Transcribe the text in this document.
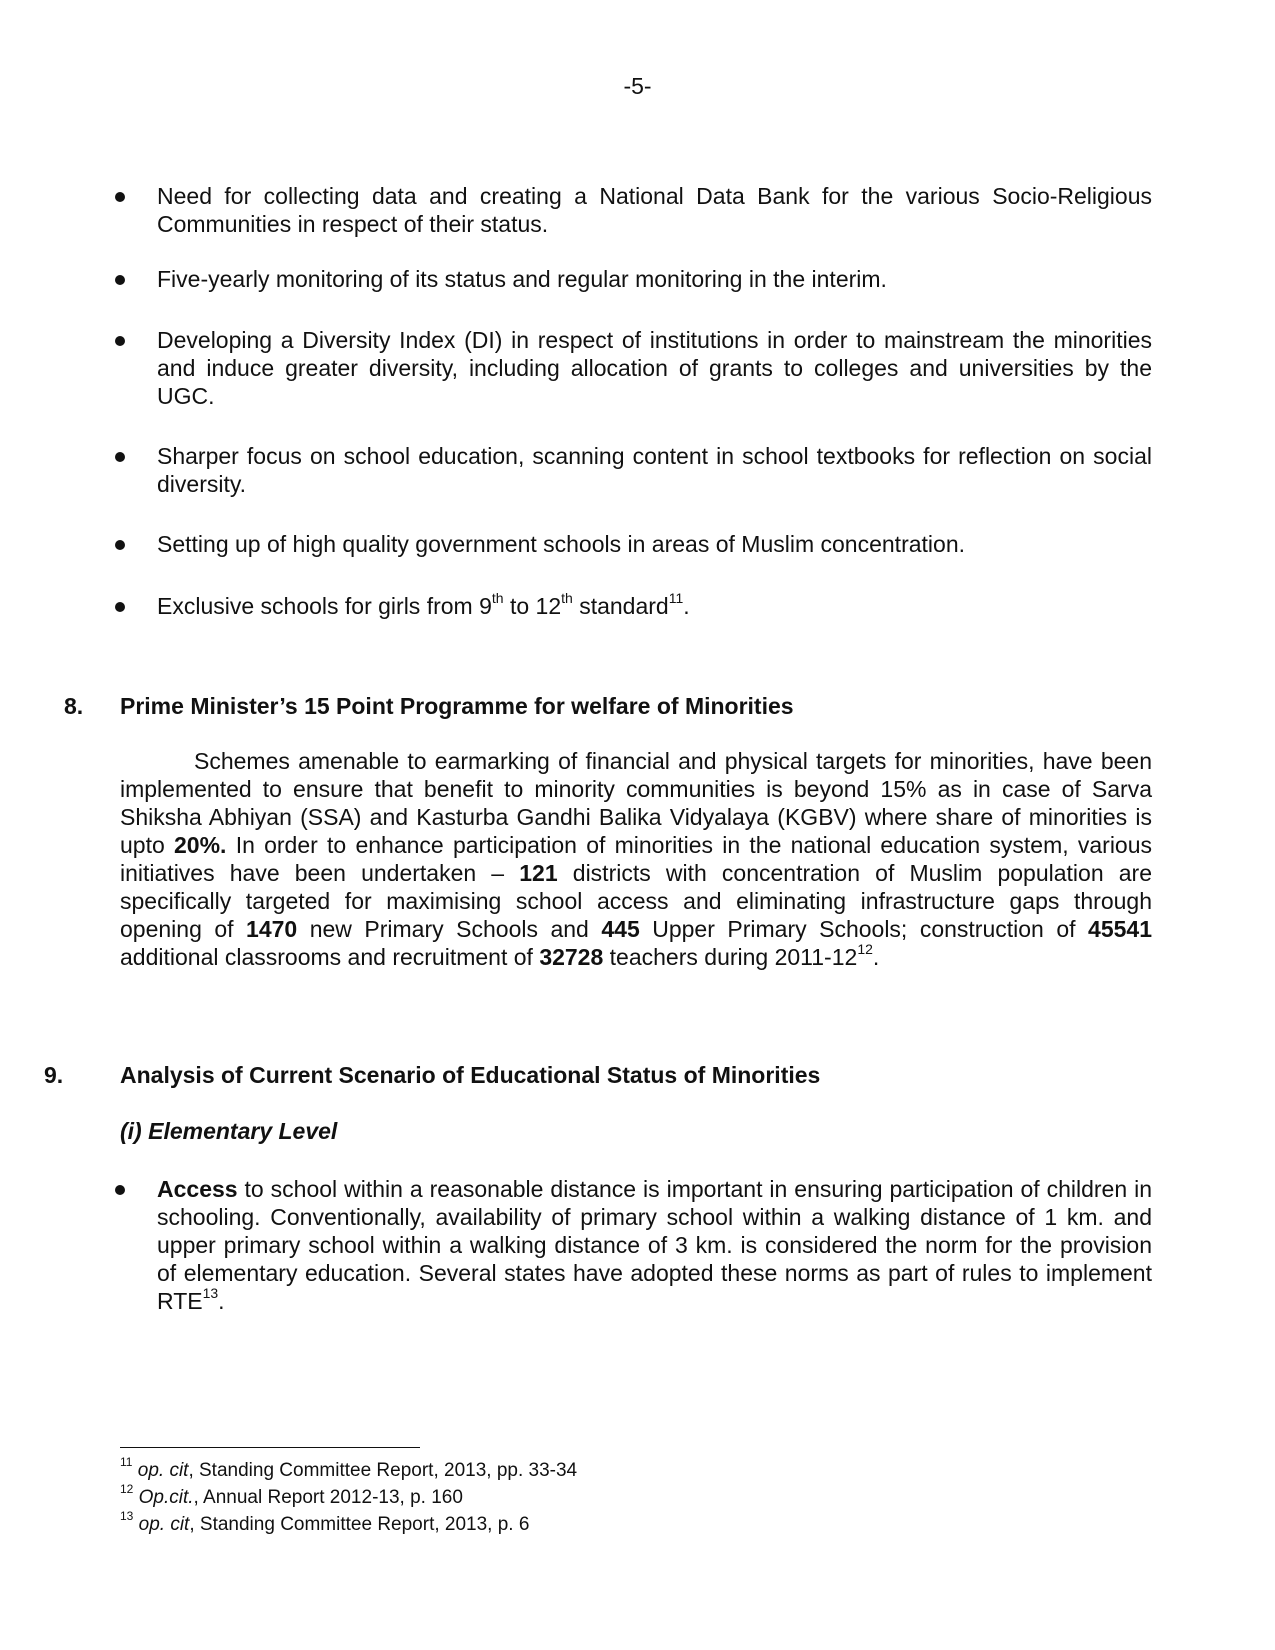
-5-
Need for collecting data and creating a National Data Bank for the various Socio-Religious Communities in respect of their status.
Five-yearly monitoring of its status and regular monitoring in the interim.
Developing a Diversity Index (DI) in respect of institutions in order to mainstream the minorities and induce greater diversity, including allocation of grants to colleges and universities by the UGC.
Sharper focus on school education, scanning content in school textbooks for reflection on social diversity.
Setting up of high quality government schools in areas of Muslim concentration.
Exclusive schools for girls from 9th to 12th standard$^{11}$.
8. Prime Minister’s 15 Point Programme for welfare of Minorities
Schemes amenable to earmarking of financial and physical targets for minorities, have been implemented to ensure that benefit to minority communities is beyond 15% as in case of Sarva Shiksha Abhiyan (SSA) and Kasturba Gandhi Balika Vidyalaya (KGBV) where share of minorities is upto 20%. In order to enhance participation of minorities in the national education system, various initiatives have been undertaken – 121 districts with concentration of Muslim population are specifically targeted for maximising school access and eliminating infrastructure gaps through opening of 1470 new Primary Schools and 445 Upper Primary Schools; construction of 45541 additional classrooms and recruitment of 32728 teachers during $2011-12^{12}$.
9. Analysis of Current Scenario of Educational Status of Minorities
(i) Elementary Level
Access to school within a reasonable distance is important in ensuring participation of children in schooling. Conventionally, availability of primary school within a walking distance of 1 km. and upper primary school within a walking distance of 3 km. is considered the norm for the provision of elementary education. Several states have adopted these norms as part of rules to implement RTE$^{13}$.
$^{11}$ op. cit, Standing Committee Report, 2013, pp. 33-34
$^{12}$ Op.cit., Annual Report 2012-13, p. 160
$^{13}$ op. cit, Standing Committee Report, 2013, p. 6
